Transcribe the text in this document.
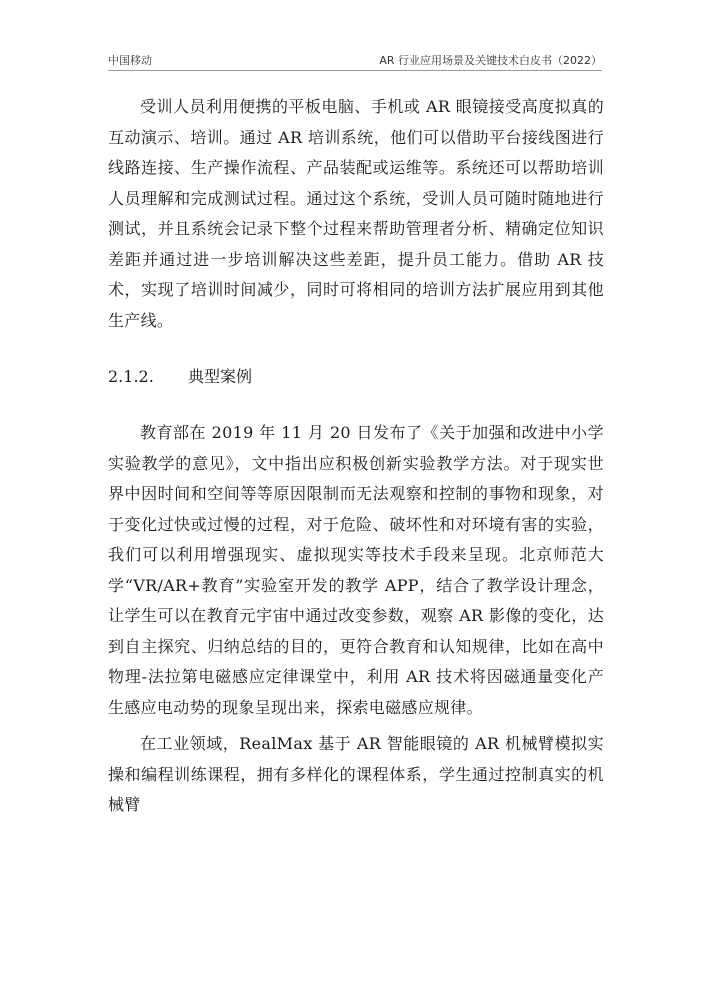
中国移动	AR 行业应用场景及关键技术白皮书（2022）

受训人员利用便携的平板电脑、手机或 AR 眼镜接受高度拟真的互动演示、培训。通过 AR 培训系统，他们可以借助平台接线图进行线路连接、生产操作流程、产品装配或运维等。系统还可以帮助培训人员理解和完成测试过程。通过这个系统，受训人员可随时随地进行测试，并且系统会记录下整个过程来帮助管理者分析、精确定位知识差距并通过进一步培训解决这些差距，提升员工能力。借助 AR 技术，实现了培训时间减少，同时可将相同的培训方法扩展应用到其他生产线。

2.1.2. 典型案例

教育部在 2019 年 11 月 20 日发布了《关于加强和改进中小学实验教学的意见》，文中指出应积极创新实验教学方法。对于现实世界中因时间和空间等等原因限制而无法观察和控制的事物和现象，对于变化过快或过慢的过程，对于危险、破坏性和对环境有害的实验，我们可以利用增强现实、虚拟现实等技术手段来呈现。北京师范大学“VR/AR+教育”实验室开发的教学 APP，结合了教学设计理念，让学生可以在教育元宇宙中通过改变参数，观察 AR 影像的变化，达到自主探究、归纳总结的目的，更符合教育和认知规律，比如在高中物理-法拉第电磁感应定律课堂中，利用 AR 技术将因磁通量变化产生感应电动势的现象呈现出来，探索电磁感应规律。

在工业领域，RealMax 基于 AR 智能眼镜的 AR 机械臂模拟实操和编程训练课程，拥有多样化的课程体系，学生通过控制真实的机械臂
